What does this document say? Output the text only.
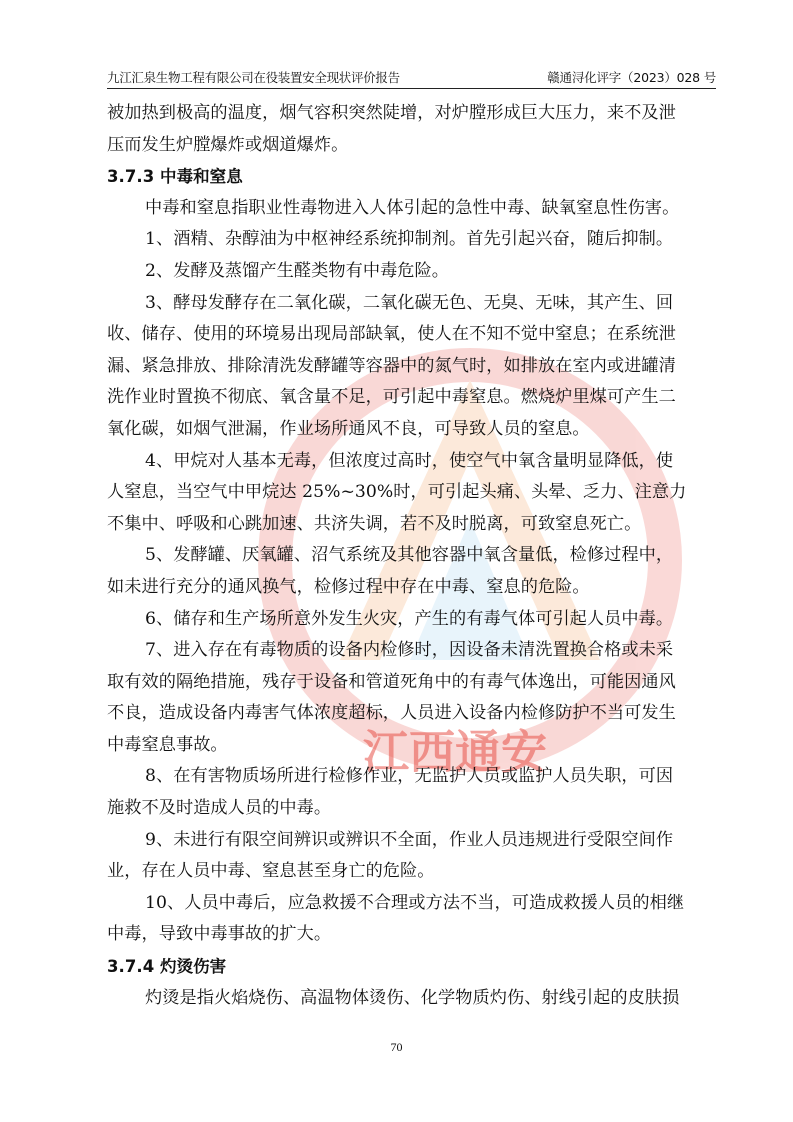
江西通安
九江汇泉生物工程有限公司在役装置安全现状评价报告	赣通浔化评字（2023）028 号
被加热到极高的温度，烟气容积突然陡增，对炉膛形成巨大压力，来不及泄
压而发生炉膛爆炸或烟道爆炸。
3.7.3 中毒和窒息
中毒和窒息指职业性毒物进入人体引起的急性中毒、缺氧窒息性伤害。
1、酒精、杂醇油为中枢神经系统抑制剂。首先引起兴奋，随后抑制。
2、发酵及蒸馏产生醛类物有中毒危险。
3、酵母发酵存在二氧化碳，二氧化碳无色、无臭、无味，其产生、回
收、储存、使用的环境易出现局部缺氧，使人在不知不觉中窒息；在系统泄
漏、紧急排放、排除清洗发酵罐等容器中的氮气时，如排放在室内或进罐清
洗作业时置换不彻底、氧含量不足，可引起中毒窒息。燃烧炉里煤可产生二
氧化碳，如烟气泄漏，作业场所通风不良，可导致人员的窒息。
4、甲烷对人基本无毒，但浓度过高时，使空气中氧含量明显降低，使
人窒息，当空气中甲烷达 25%~30%时，可引起头痛、头晕、乏力、注意力
不集中、呼吸和心跳加速、共济失调，若不及时脱离，可致窒息死亡。
5、发酵罐、厌氧罐、沼气系统及其他容器中氧含量低，检修过程中，
如未进行充分的通风换气，检修过程中存在中毒、窒息的危险。
6、储存和生产场所意外发生火灾，产生的有毒气体可引起人员中毒。
7、进入存在有毒物质的设备内检修时，因设备未清洗置换合格或未采
取有效的隔绝措施，残存于设备和管道死角中的有毒气体逸出，可能因通风
不良，造成设备内毒害气体浓度超标，人员进入设备内检修防护不当可发生
中毒窒息事故。
8、在有害物质场所进行检修作业，无监护人员或监护人员失职，可因
施救不及时造成人员的中毒。
9、未进行有限空间辨识或辨识不全面，作业人员违规进行受限空间作
业，存在人员中毒、窒息甚至身亡的危险。
10、人员中毒后，应急救援不合理或方法不当，可造成救援人员的相继
中毒，导致中毒事故的扩大。
3.7.4 灼烫伤害
灼烫是指火焰烧伤、高温物体烫伤、化学物质灼伤、射线引起的皮肤损
70
